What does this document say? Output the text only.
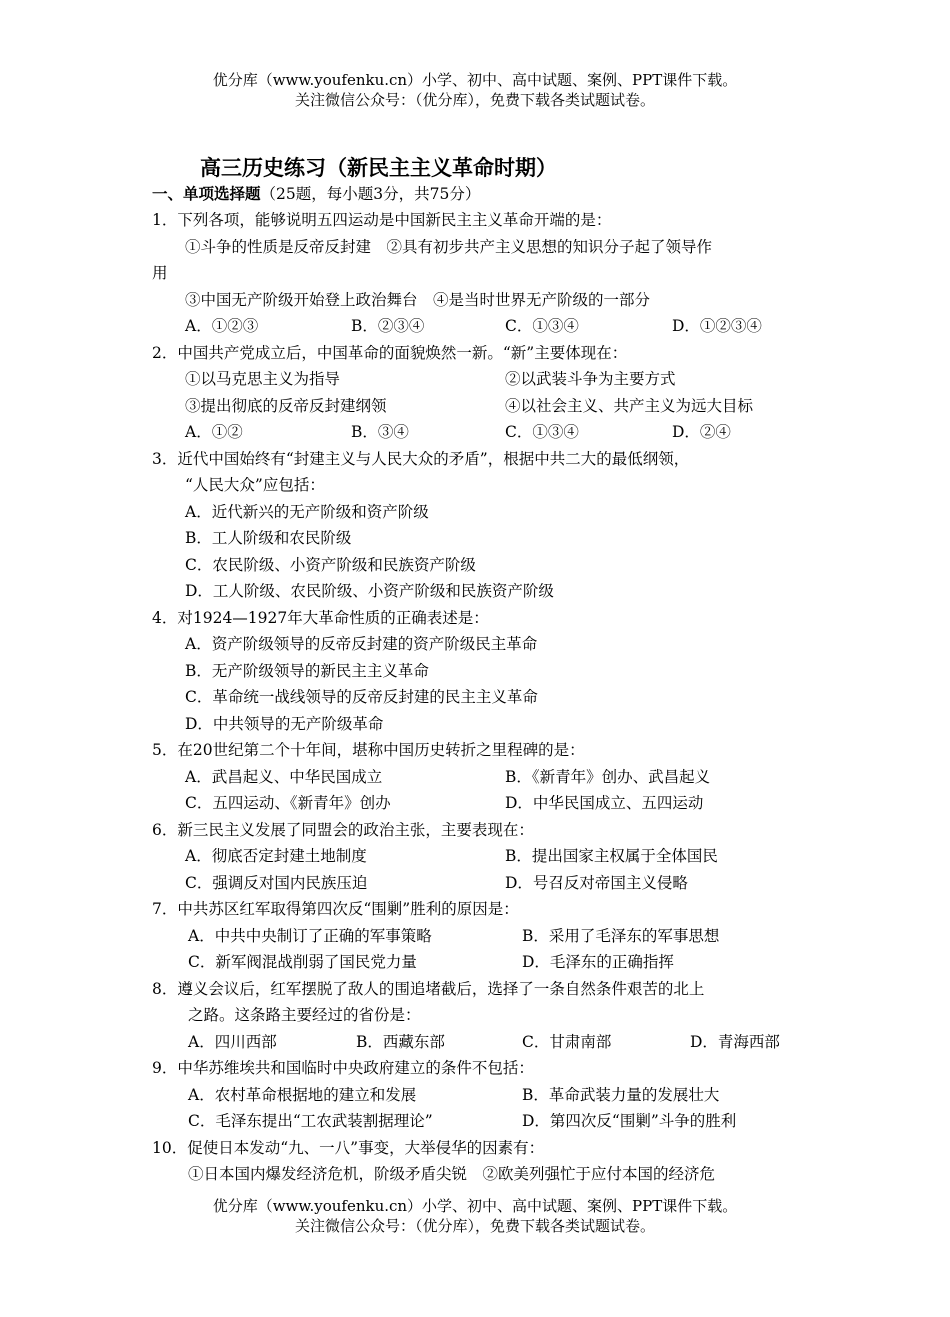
优分库（www.youfenku.cn）小学、初中、高中试题、案例、PPT课件下载。
关注微信公众号：（优分库），免费下载各类试题试卷。
高三历史练习（新民主主义革命时期）
一、单项选择题（25题，每小题3分，共75分）
1．下列各项，能够说明五四运动是中国新民主主义革命开端的是：
①斗争的性质是反帝反封建　②具有初步共产主义思想的知识分子起了领导作
用
③中国无产阶级开始登上政治舞台　④是当时世界无产阶级的一部分
A．①②③	B．②③④	C．①③④	D．①②③④
2．中国共产党成立后，中国革命的面貌焕然一新。“新”主要体现在：
①以马克思主义为指导	②以武装斗争为主要方式
③提出彻底的反帝反封建纲领	④以社会主义、共产主义为远大目标
A．①②	B．③④	C．①③④	D．②④
3．近代中国始终有“封建主义与人民大众的矛盾”，根据中共二大的最低纲领，
“人民大众”应包括：
A．近代新兴的无产阶级和资产阶级
B．工人阶级和农民阶级
C．农民阶级、小资产阶级和民族资产阶级
D．工人阶级、农民阶级、小资产阶级和民族资产阶级
4．对1924—1927年大革命性质的正确表述是：
A．资产阶级领导的反帝反封建的资产阶级民主革命
B．无产阶级领导的新民主主义革命
C．革命统一战线领导的反帝反封建的民主主义革命
D．中共领导的无产阶级革命
5．在20世纪第二个十年间，堪称中国历史转折之里程碑的是：
A．武昌起义、中华民国成立	B．《新青年》创办、武昌起义
C．五四运动、《新青年》创办	D．中华民国成立、五四运动
6．新三民主义发展了同盟会的政治主张，主要表现在：
A．彻底否定封建土地制度	B．提出国家主权属于全体国民
C．强调反对国内民族压迫	D．号召反对帝国主义侵略
7．中共苏区红军取得第四次反“围剿”胜利的原因是：
A．中共中央制订了正确的军事策略	B．采用了毛泽东的军事思想
C．新军阀混战削弱了国民党力量	D．毛泽东的正确指挥
8．遵义会议后，红军摆脱了敌人的围追堵截后，选择了一条自然条件艰苦的北上
之路。这条路主要经过的省份是：
A．四川西部	B．西藏东部	C．甘肃南部	D．青海西部
9．中华苏维埃共和国临时中央政府建立的条件不包括：
A．农村革命根据地的建立和发展	B．革命武装力量的发展壮大
C．毛泽东提出“工农武装割据理论”	D．第四次反“围剿”斗争的胜利
10．促使日本发动“九、一八”事变，大举侵华的因素有：
①日本国内爆发经济危机，阶级矛盾尖锐　②欧美列强忙于应付本国的经济危
优分库（www.youfenku.cn）小学、初中、高中试题、案例、PPT课件下载。
关注微信公众号：（优分库），免费下载各类试题试卷。
